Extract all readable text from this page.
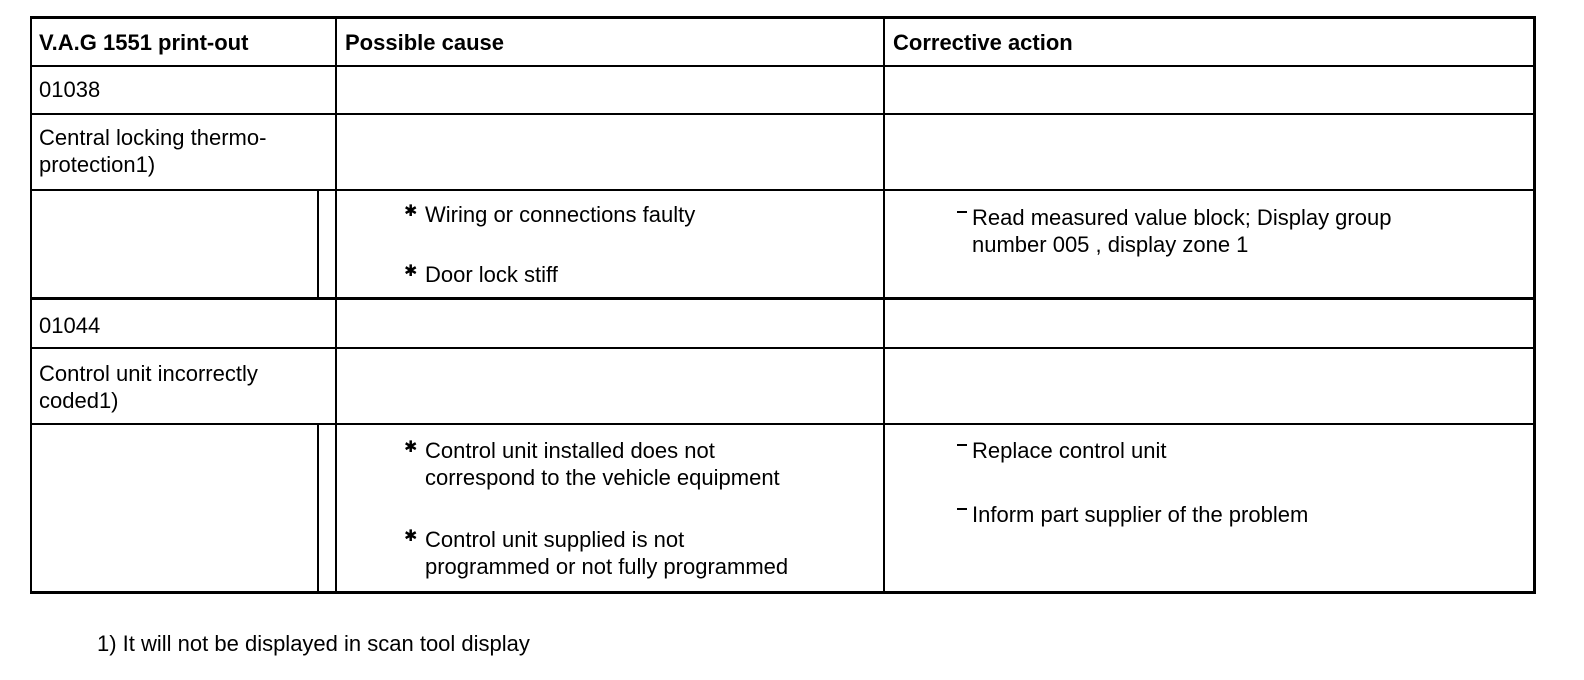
V.A.G 1551 print-out	Possible cause	Corrective action
01038
Central locking thermo-
protection1)
✱ Wiring or connections faulty
✱ Door lock stiff
Read measured value block; Display group
number 005 , display zone 1
01044
Control unit incorrectly
coded1)
✱ Control unit installed does not
correspond to the vehicle equipment
✱ Control unit supplied is not
programmed or not fully programmed
Replace control unit
Inform part supplier of the problem
1) It will not be displayed in scan tool display
